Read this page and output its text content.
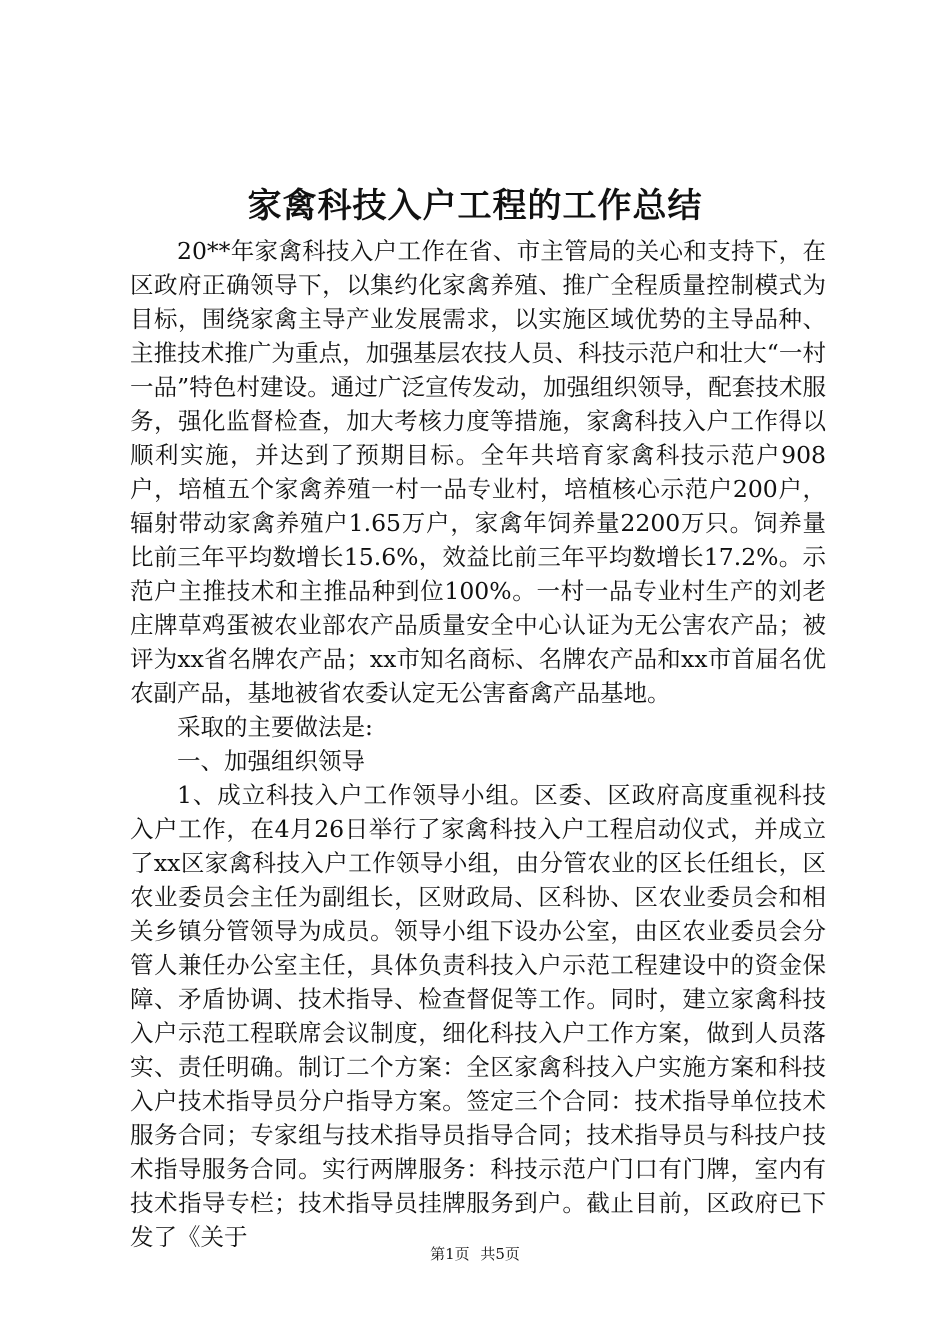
家禽科技入户工程的工作总结

20**年家禽科技入户工作在省、市主管局的关心和支持下，在区政府正确领导下，以集约化家禽养殖、推广全程质量控制模式为目标，围绕家禽主导产业发展需求，以实施区域优势的主导品种、主推技术推广为重点，加强基层农技人员、科技示范户和壮大“一村一品”特色村建设。通过广泛宣传发动，加强组织领导，配套技术服务，强化监督检查，加大考核力度等措施，家禽科技入户工作得以顺利实施，并达到了预期目标。全年共培育家禽科技示范户908户，培植五个家禽养殖一村一品专业村，培植核心示范户200户，辐射带动家禽养殖户1.65万户，家禽年饲养量2200万只。饲养量比前三年平均数增长15.6%，效益比前三年平均数增长17.2%。示范户主推技术和主推品种到位100%。一村一品专业村生产的刘老庄牌草鸡蛋被农业部农产品质量安全中心认证为无公害农产品；被评为xx省名牌农产品；xx市知名商标、名牌农产品和xx市首届名优农副产品，基地被省农委认定无公害畜禽产品基地。

采取的主要做法是:

一、加强组织领导

1、成立科技入户工作领导小组。区委、区政府高度重视科技入户工作，在4月26日举行了家禽科技入户工程启动仪式，并成立了xx区家禽科技入户工作领导小组，由分管农业的区长任组长，区农业委员会主任为副组长，区财政局、区科协、区农业委员会和相关乡镇分管领导为成员。领导小组下设办公室，由区农业委员会分管人兼任办公室主任，具体负责科技入户示范工程建设中的资金保障、矛盾协调、技术指导、检查督促等工作。同时，建立家禽科技入户示范工程联席会议制度，细化科技入户工作方案，做到人员落实、责任明确。制订二个方案：全区家禽科技入户实施方案和科技入户技术指导员分户指导方案。签定三个合同：技术指导单位技术服务合同；专家组与技术指导员指导合同；技术指导员与科技户技术指导服务合同。实行两牌服务：科技示范户门口有门牌，室内有技术指导专栏；技术指导员挂牌服务到户。截止目前，区政府已下发了《关于

第1页 共5页
